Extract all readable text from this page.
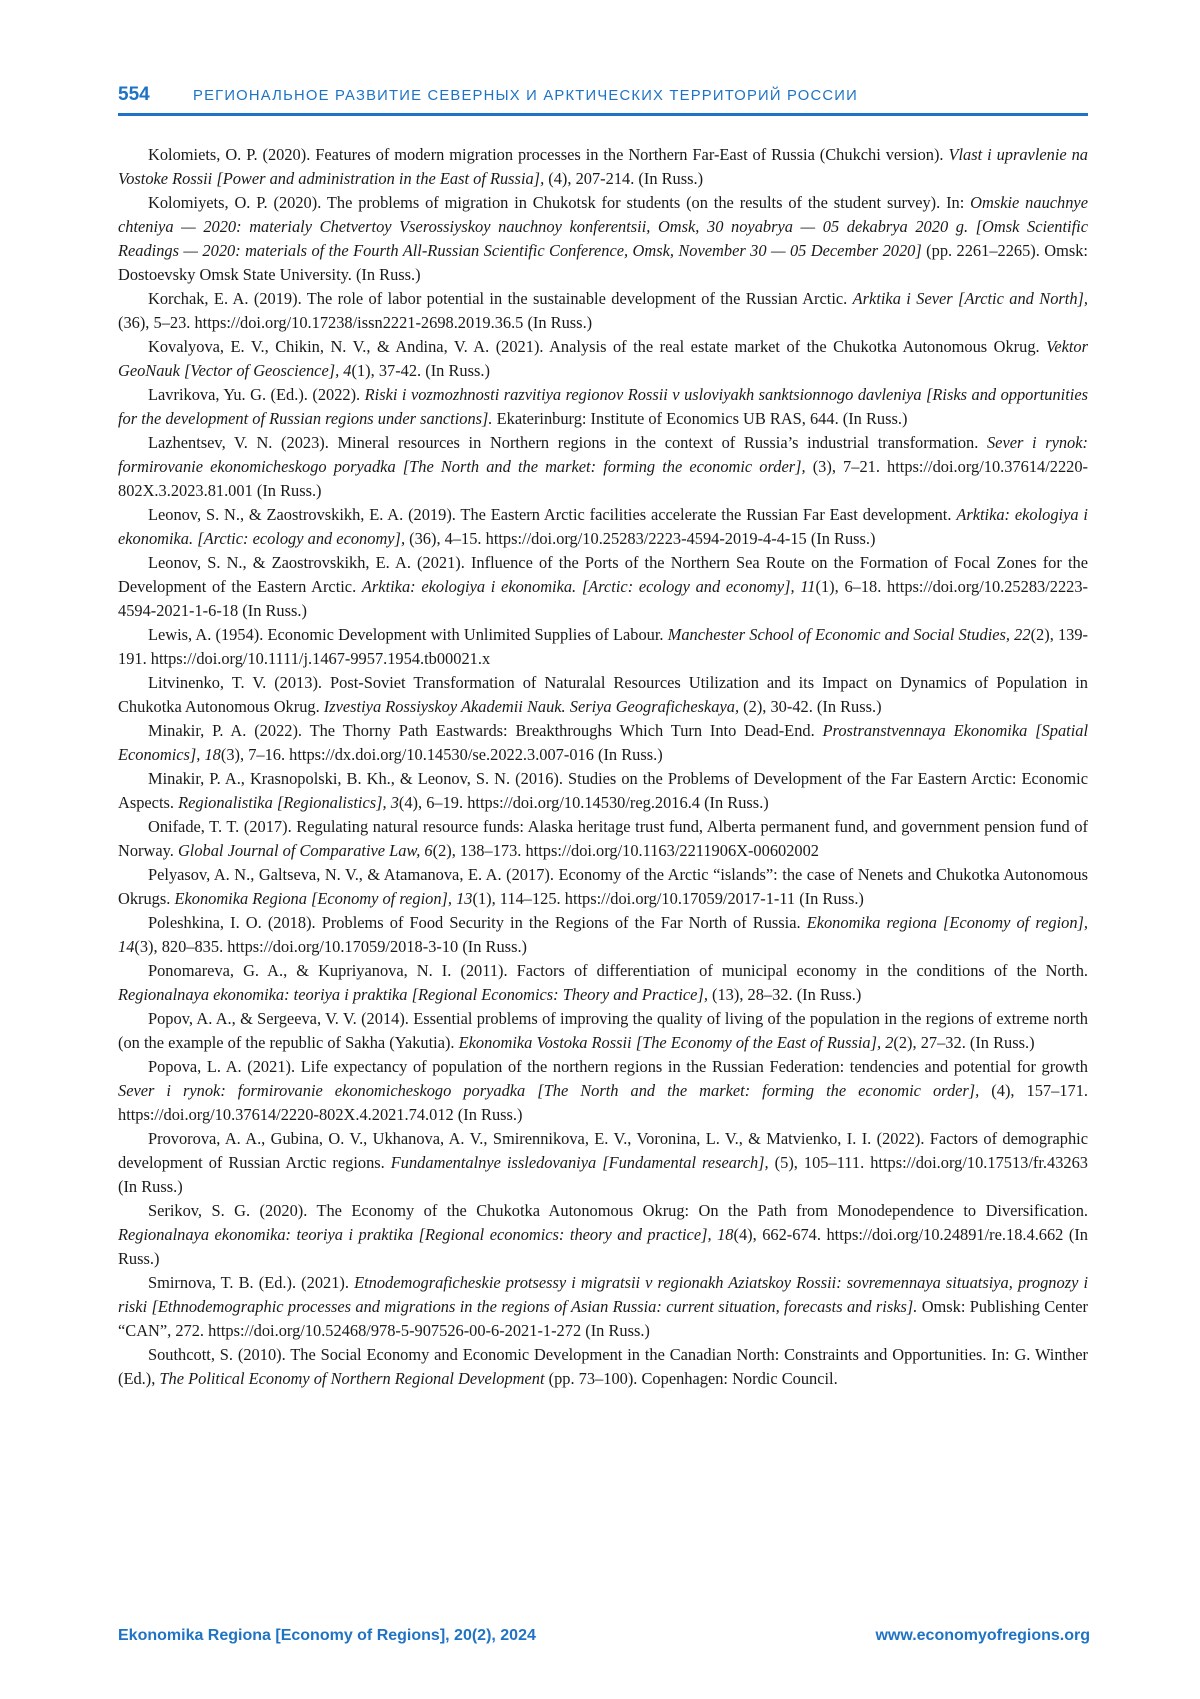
554	РЕГИОНАЛЬНОЕ РАЗВИТИЕ СЕВЕРНЫХ И АРКТИЧЕСКИХ ТЕРРИТОРИЙ РОССИИ

Kolomiets, O. P. (2020). Features of modern migration processes in the Northern Far-East of Russia (Chukchi version). Vlast i upravlenie na Vostoke Rossii [Power and administration in the East of Russia], (4), 207-214. (In Russ.)

Kolomiyets, O. P. (2020). The problems of migration in Chukotsk for students (on the results of the student survey). In: Omskie nauchnye chteniya — 2020: materialy Chetvertoy Vserossiyskoy nauchnoy konferentsii, Omsk, 30 noyabrya — 05 dekabrya 2020 g. [Omsk Scientific Readings — 2020: materials of the Fourth All-Russian Scientific Conference, Omsk, November 30 — 05 December 2020] (pp. 2261–2265). Omsk: Dostoevsky Omsk State University. (In Russ.)

Korchak, E. A. (2019). The role of labor potential in the sustainable development of the Russian Arctic. Arktika i Sever [Arctic and North], (36), 5–23. https://doi.org/10.17238/issn2221-2698.2019.36.5 (In Russ.)

Kovalyova, E. V., Chikin, N. V., & Andina, V. A. (2021). Analysis of the real estate market of the Chukotka Autonomous Okrug. Vektor GeoNauk [Vector of Geoscience], 4(1), 37-42. (In Russ.)

Lavrikova, Yu. G. (Ed.). (2022). Riski i vozmozhnosti razvitiya regionov Rossii v usloviyakh sanktsionnogo davleniya [Risks and opportunities for the development of Russian regions under sanctions]. Ekaterinburg: Institute of Economics UB RAS, 644. (In Russ.)

Lazhentsev, V. N. (2023). Mineral resources in Northern regions in the context of Russia’s industrial transformation. Sever i rynok: formirovanie ekonomicheskogo poryadka [The North and the market: forming the economic order], (3), 7–21. https://doi.org/10.37614/2220-802X.3.2023.81.001 (In Russ.)

Leonov, S. N., & Zaostrovskikh, E. A. (2019). The Eastern Arctic facilities accelerate the Russian Far East development. Arktika: ekologiya i ekonomika. [Arctic: ecology and economy], (36), 4–15. https://doi.org/10.25283/2223-4594-2019-4-4-15 (In Russ.)

Leonov, S. N., & Zaostrovskikh, E. A. (2021). Influence of the Ports of the Northern Sea Route on the Formation of Focal Zones for the Development of the Eastern Arctic. Arktika: ekologiya i ekonomika. [Arctic: ecology and economy], 11(1), 6–18. https://doi.org/10.25283/2223-4594-2021-1-6-18 (In Russ.)

Lewis, A. (1954). Economic Development with Unlimited Supplies of Labour. Manchester School of Economic and Social Studies, 22(2), 139-191. https://doi.org/10.1111/j.1467-9957.1954.tb00021.x

Litvinenko, T. V. (2013). Post-Soviet Transformation of Naturalal Resources Utilization and its Impact on Dynamics of Population in Chukotka Autonomous Okrug. Izvestiya Rossiyskoy Akademii Nauk. Seriya Geograficheskaya, (2), 30-42. (In Russ.)

Minakir, P. A. (2022). The Thorny Path Eastwards: Breakthroughs Which Turn Into Dead-End. Prostranstvennaya Ekonomika [Spatial Economics], 18(3), 7–16. https://dx.doi.org/10.14530/se.2022.3.007-016 (In Russ.)

Minakir, P. A., Krasnopolski, B. Kh., & Leonov, S. N. (2016). Studies on the Problems of Development of the Far Eastern Arctic: Economic Aspects. Regionalistika [Regionalistics], 3(4), 6–19. https://doi.org/10.14530/reg.2016.4 (In Russ.)

Onifade, T. T. (2017). Regulating natural resource funds: Alaska heritage trust fund, Alberta permanent fund, and government pension fund of Norway. Global Journal of Comparative Law, 6(2), 138–173. https://doi.org/10.1163/2211906X-00602002

Pelyasov, A. N., Galtseva, N. V., & Atamanova, E. A. (2017). Economy of the Arctic “islands”: the case of Nenets and Chukotka Autonomous Okrugs. Ekonomika Regiona [Economy of region], 13(1), 114–125. https://doi.org/10.17059/2017-1-11 (In Russ.)

Poleshkina, I. O. (2018). Problems of Food Security in the Regions of the Far North of Russia. Ekonomika regiona [Economy of region], 14(3), 820–835. https://doi.org/10.17059/2018-3-10 (In Russ.)

Ponomareva, G. A., & Kupriyanova, N. I. (2011). Factors of differentiation of municipal economy in the conditions of the North. Regionalnaya ekonomika: teoriya i praktika [Regional Economics: Theory and Practice], (13), 28–32. (In Russ.)

Popov, A. A., & Sergeeva, V. V. (2014). Essential problems of improving the quality of living of the population in the regions of extreme north (on the example of the republic of Sakha (Yakutia). Ekonomika Vostoka Rossii [The Economy of the East of Russia], 2(2), 27–32. (In Russ.)

Popova, L. A. (2021). Life expectancy of population of the northern regions in the Russian Federation: tendencies and potential for growth Sever i rynok: formirovanie ekonomicheskogo poryadka [The North and the market: forming the economic order], (4), 157–171. https://doi.org/10.37614/2220-802X.4.2021.74.012 (In Russ.)

Provorova, A. A., Gubina, O. V., Ukhanova, A. V., Smirennikova, E. V., Voronina, L. V., & Matvienko, I. I. (2022). Factors of demographic development of Russian Arctic regions. Fundamentalnye issledovaniya [Fundamental research], (5), 105–111. https://doi.org/10.17513/fr.43263 (In Russ.)

Serikov, S. G. (2020). The Economy of the Chukotka Autonomous Okrug: On the Path from Monodependence to Diversification. Regionalnaya ekonomika: teoriya i praktika [Regional economics: theory and practice], 18(4), 662-674. https://doi.org/10.24891/re.18.4.662 (In Russ.)

Smirnova, T. B. (Ed.). (2021). Etnodemograficheskie protsessy i migratsii v regionakh Aziatskoy Rossii: sovremennaya situatsiya, prognozy i riski [Ethnodemographic processes and migrations in the regions of Asian Russia: current situation, forecasts and risks]. Omsk: Publishing Center “CAN”, 272. https://doi.org/10.52468/978-5-907526-00-6-2021-1-272 (In Russ.)

Southcott, S. (2010). The Social Economy and Economic Development in the Canadian North: Constraints and Opportunities. In: G. Winther (Ed.), The Political Economy of Northern Regional Development (pp. 73–100). Copenhagen: Nordic Council.

Ekonomika Regiona [Economy of Regions], 20(2), 2024	www.economyofregions.org
